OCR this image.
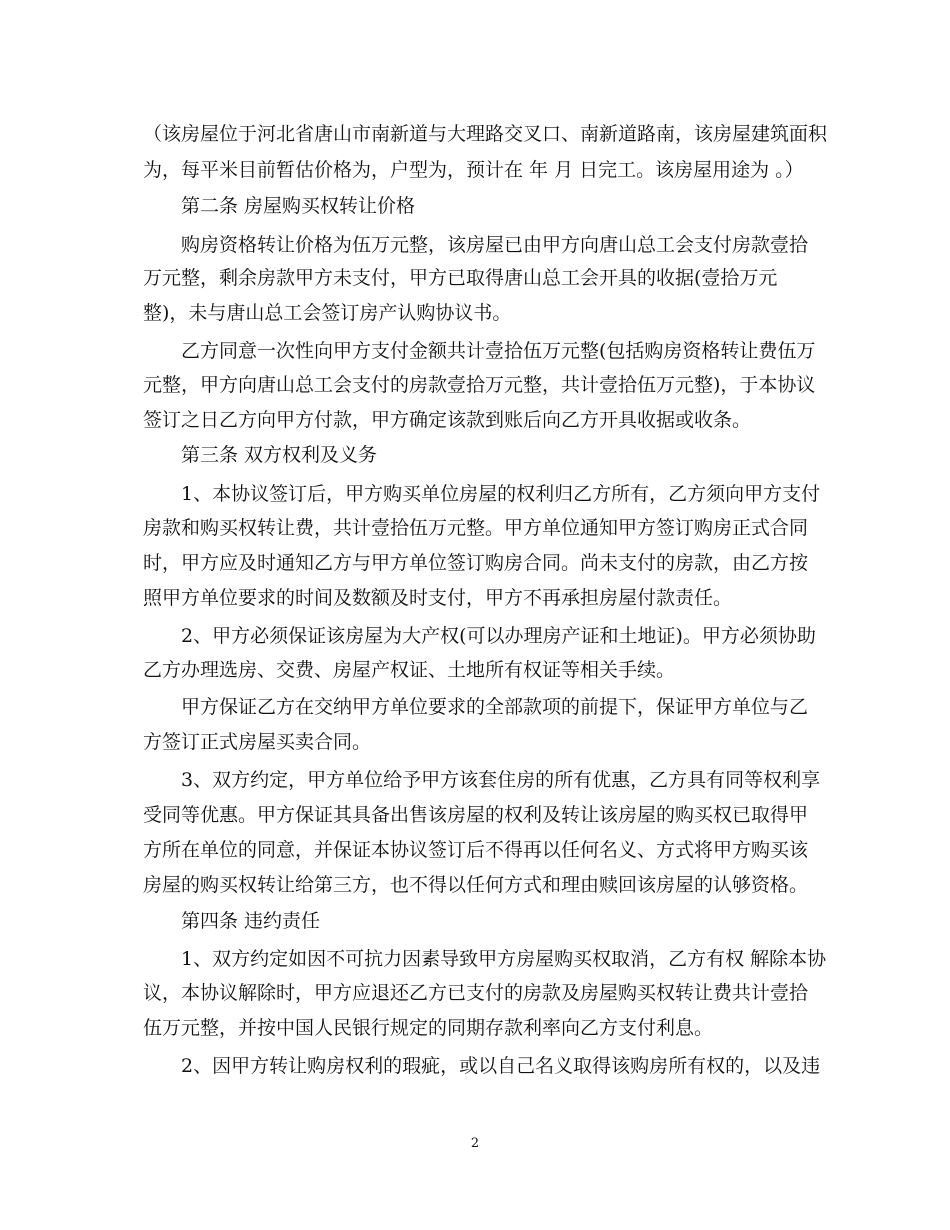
（该房屋位于河北省唐山市南新道与大理路交叉口、南新道路南，该房屋建筑面积
为，每平米目前暂估价格为，户型为，预计在 年 月 日完工。该房屋用途为 。）
第二条 房屋购买权转让价格
购房资格转让价格为伍万元整，该房屋已由甲方向唐山总工会支付房款壹拾
万元整，剩余房款甲方未支付，甲方已取得唐山总工会开具的收据(壹拾万元
整)，未与唐山总工会签订房产认购协议书。
乙方同意一次性向甲方支付金额共计壹拾伍万元整(包括购房资格转让费伍万
元整，甲方向唐山总工会支付的房款壹拾万元整，共计壹拾伍万元整)，于本协议
签订之日乙方向甲方付款，甲方确定该款到账后向乙方开具收据或收条。
第三条 双方权利及义务
1、本协议签订后，甲方购买单位房屋的权利归乙方所有，乙方须向甲方支付
房款和购买权转让费，共计壹拾伍万元整。甲方单位通知甲方签订购房正式合同
时，甲方应及时通知乙方与甲方单位签订购房合同。尚未支付的房款，由乙方按
照甲方单位要求的时间及数额及时支付，甲方不再承担房屋付款责任。
2、甲方必须保证该房屋为大产权(可以办理房产证和土地证)。甲方必须协助
乙方办理选房、交费、房屋产权证、土地所有权证等相关手续。
甲方保证乙方在交纳甲方单位要求的全部款项的前提下，保证甲方单位与乙
方签订正式房屋买卖合同。
3、双方约定，甲方单位给予甲方该套住房的所有优惠，乙方具有同等权利享
受同等优惠。甲方保证其具备出售该房屋的权利及转让该房屋的购买权已取得甲
方所在单位的同意，并保证本协议签订后不得再以任何名义、方式将甲方购买该
房屋的购买权转让给第三方，也不得以任何方式和理由赎回该房屋的认够资格。
第四条 违约责任
1、双方约定如因不可抗力因素导致甲方房屋购买权取消，乙方有权 解除本协
议，本协议解除时，甲方应退还乙方已支付的房款及房屋购买权转让费共计壹拾
伍万元整，并按中国人民银行规定的同期存款利率向乙方支付利息。
2、因甲方转让购房权利的瑕疵，或以自己名义取得该购房所有权的，以及违
2
